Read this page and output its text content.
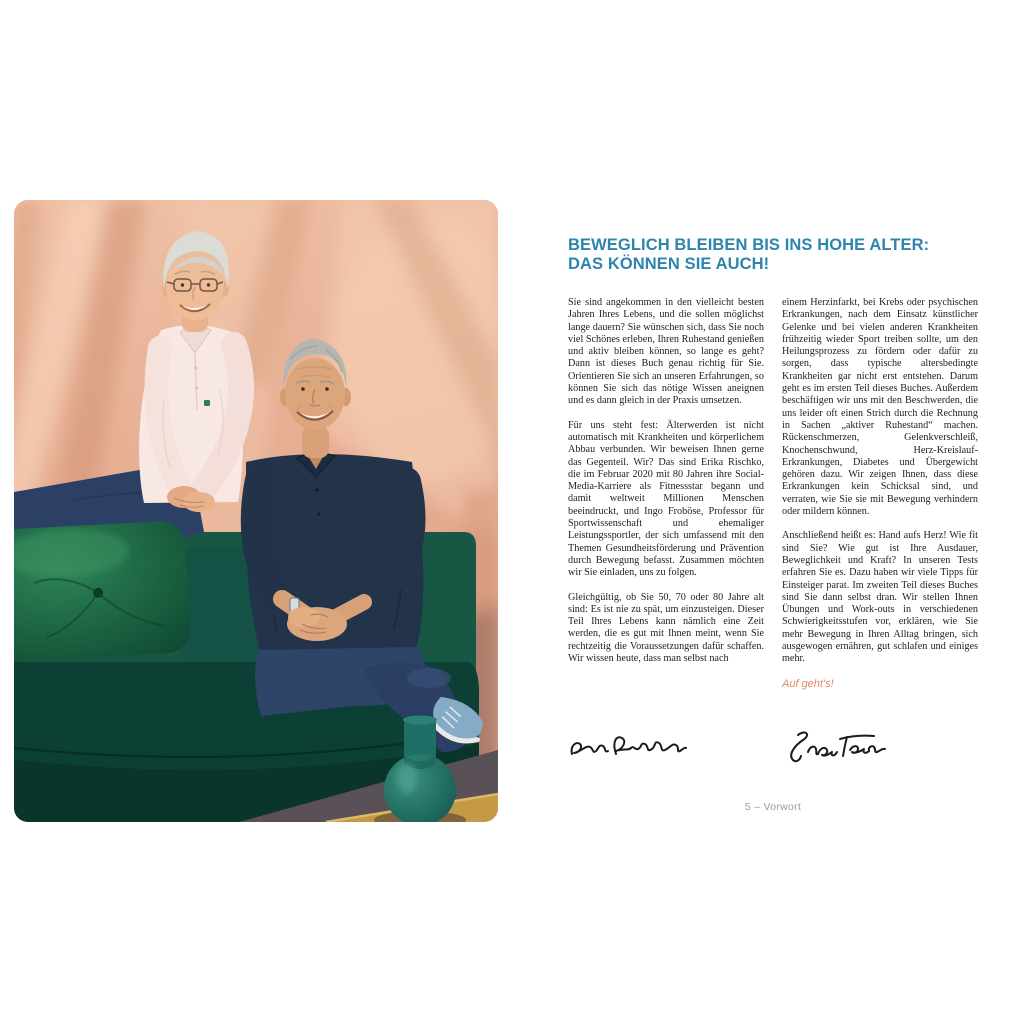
BEWEGLICH BLEIBEN BIS INS HOHE ALTER:
DAS KÖNNEN SIE AUCH!

Sie sind angekommen in den vielleicht besten Jahren Ihres Lebens, und die sollen möglichst lange dauern? Sie wünschen sich, dass Sie noch viel Schönes erleben, Ihren Ruhestand genießen und aktiv bleiben können, so lange es geht? Dann ist dieses Buch genau richtig für Sie. Orientieren Sie sich an unseren Erfahrungen, so können Sie sich das nötige Wissen aneignen und es dann gleich in der Praxis umsetzen.

Für uns steht fest: Älterwerden ist nicht automatisch mit Krankheiten und körperlichem Abbau verbunden. Wir beweisen Ihnen gerne das Gegenteil. Wir? Das sind Erika Rischko, die im Februar 2020 mit 80 Jahren ihre Social-Media-Karriere als Fitnessstar begann und damit weltweit Millionen Menschen beeindruckt, und Ingo Froböse, Professor für Sportwissenschaft und ehemaliger Leistungssportler, der sich umfassend mit den Themen Gesundheitsförderung und Prävention durch Bewegung befasst. Zusammen möchten wir Sie einladen, uns zu folgen.

Gleichgültig, ob Sie 50, 70 oder 80 Jahre alt sind: Es ist nie zu spät, um einzusteigen. Dieser Teil Ihres Lebens kann nämlich eine Zeit werden, die es gut mit Ihnen meint, wenn Sie rechtzeitig die Voraussetzungen dafür schaffen. Wir wissen heute, dass man selbst nach

einem Herzinfarkt, bei Krebs oder psychischen Erkrankungen, nach dem Einsatz künstlicher Gelenke und bei vielen anderen Krankheiten frühzeitig wieder Sport treiben sollte, um den Heilungsprozess zu fördern oder dafür zu sorgen, dass typische altersbedingte Krankheiten gar nicht erst entstehen. Darum geht es im ersten Teil dieses Buches. Außerdem beschäftigen wir uns mit den Beschwerden, die uns leider oft einen Strich durch die Rechnung in Sachen „aktiver Ruhestand“ machen. Rückenschmerzen, Gelenkverschleiß, Knochenschwund, Herz-Kreislauf-Erkrankungen, Diabetes und Übergewicht gehören dazu. Wir zeigen Ihnen, dass diese Erkrankungen kein Schicksal sind, und verraten, wie Sie sie mit Bewegung verhindern oder mildern können.

Anschließend heißt es: Hand aufs Herz! Wie fit sind Sie? Wie gut ist Ihre Ausdauer, Beweglichkeit und Kraft? In unseren Tests erfahren Sie es. Dazu haben wir viele Tipps für Einsteiger parat. Im zweiten Teil dieses Buches sind Sie dann selbst dran. Wir stellen Ihnen Übungen und Work-outs in verschiedenen Schwierigkeitsstufen vor, erklären, wie Sie mehr Bewegung in Ihren Alltag bringen, sich ausgewogen ernähren, gut schlafen und einiges mehr.

Auf geht's!

5 – Vorwort
